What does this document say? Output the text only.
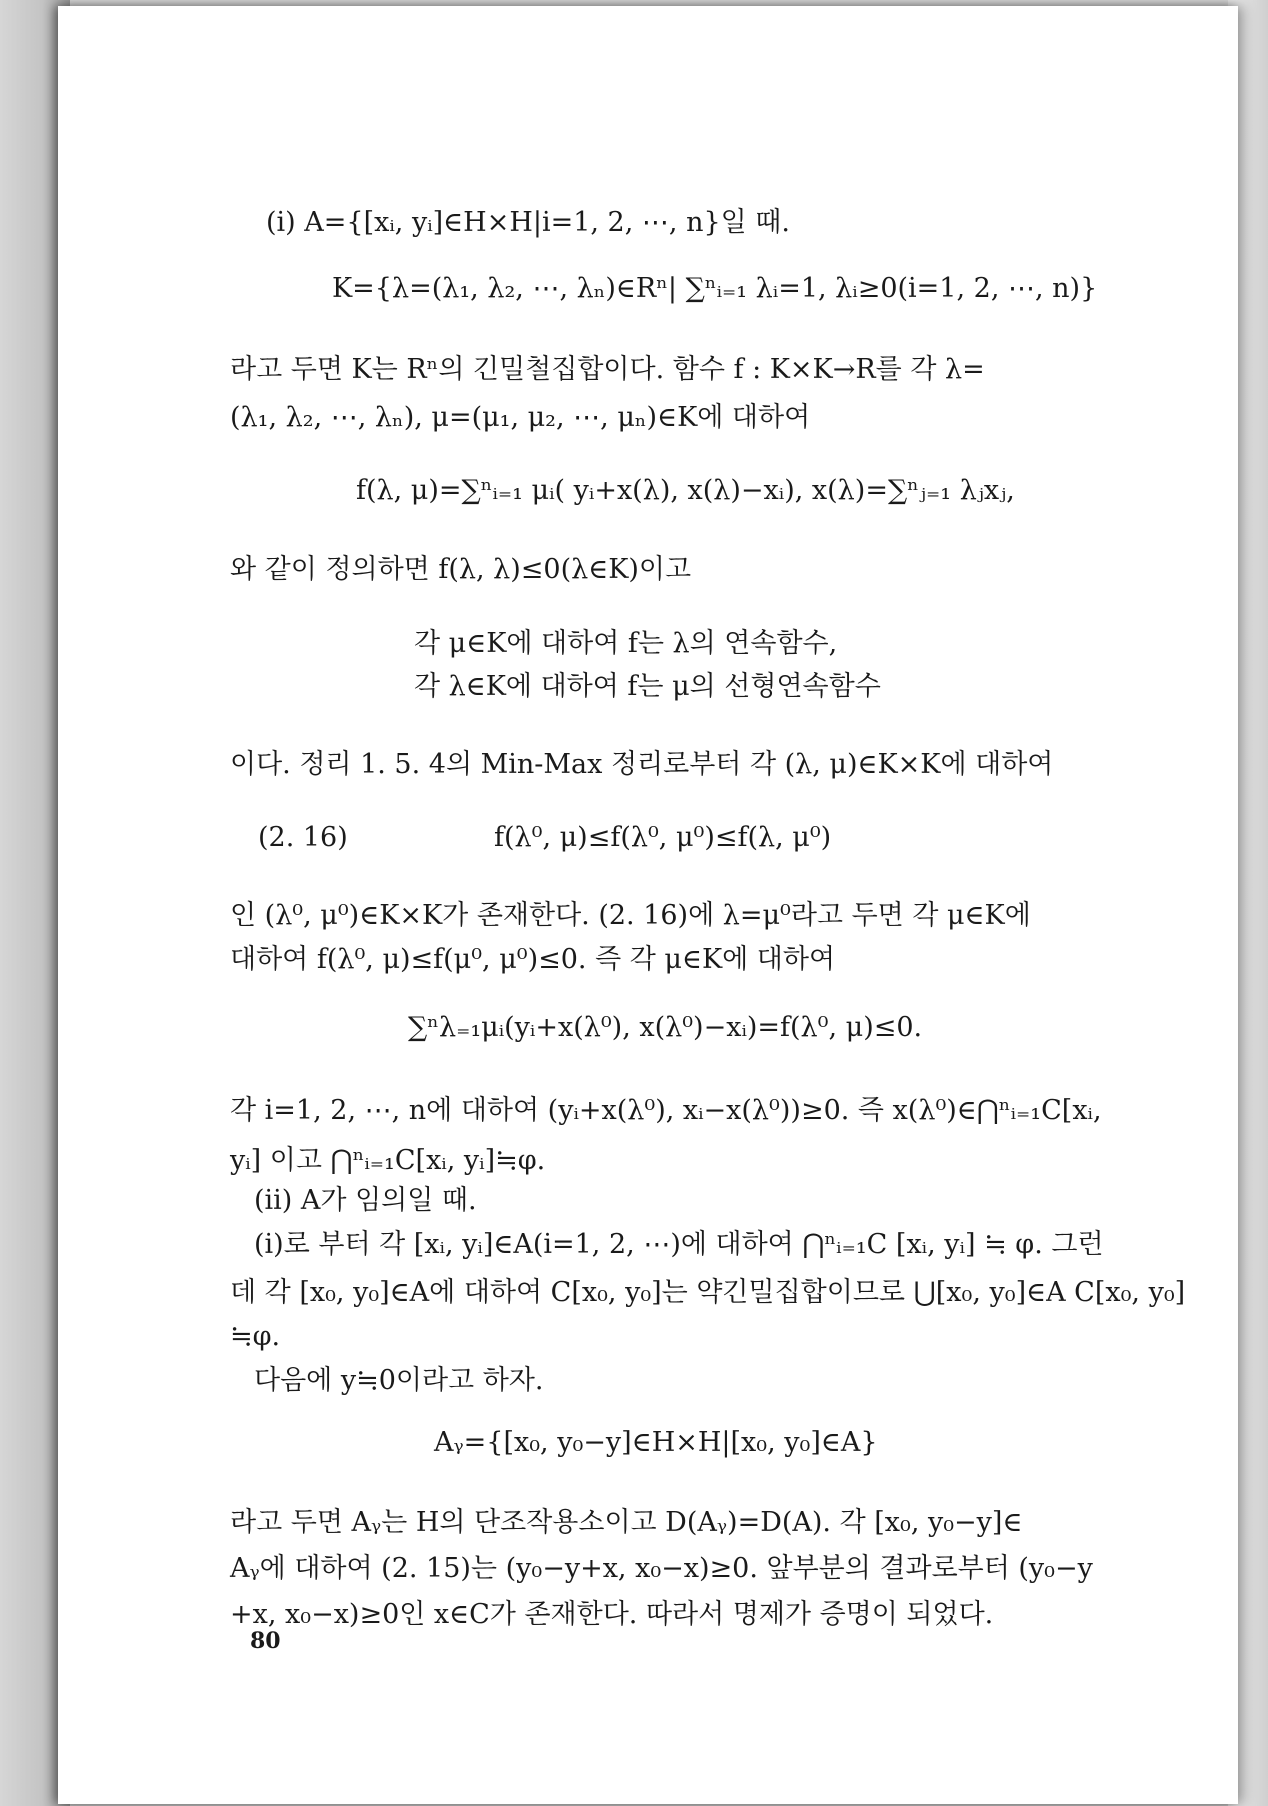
(i) A={[xᵢ, yᵢ]∈H×H|i=1, 2, ⋯, n}일 때.
K={λ=(λ₁, λ₂, ⋯, λₙ)∈Rⁿ| ∑ⁿᵢ₌₁ λᵢ=1, λᵢ≥0(i=1, 2, ⋯, n)}
라고 두면 K는 Rⁿ의 긴밀철집합이다. 함수 f : K×K→R를 각 λ=
(λ₁, λ₂, ⋯, λₙ), μ=(μ₁, μ₂, ⋯, μₙ)∈K에 대하여
f(λ, μ)=∑ⁿᵢ₌₁ μᵢ( yᵢ+x(λ), x(λ)−xᵢ), x(λ)=∑ⁿⱼ₌₁ λⱼxⱼ,
와 같이 정의하면 f(λ, λ)≤0(λ∈K)이고
각 μ∈K에 대하여 f는 λ의 연속함수,
각 λ∈K에 대하여 f는 μ의 선형연속함수
이다. 정리 1. 5. 4의 Min-Max 정리로부터 각 (λ, μ)∈K×K에 대하여
(2. 16)	f(λ⁰, μ)≤f(λ⁰, μ⁰)≤f(λ, μ⁰)
인 (λ⁰, μ⁰)∈K×K가 존재한다. (2. 16)에 λ=μ⁰라고 두면 각 μ∈K에
대하여 f(λ⁰, μ)≤f(μ⁰, μ⁰)≤0. 즉 각 μ∈K에 대하여
∑ⁿλ₌₁μᵢ(yᵢ+x(λ⁰), x(λ⁰)−xᵢ)=f(λ⁰, μ)≤0.
각 i=1, 2, ⋯, n에 대하여 (yᵢ+x(λ⁰), xᵢ−x(λ⁰))≥0. 즉 x(λ⁰)∈⋂ⁿᵢ₌₁C[xᵢ,
yᵢ] 이고 ⋂ⁿᵢ₌₁C[xᵢ, yᵢ]≒φ.
(ii) A가 임의일 때.
(i)로 부터 각 [xᵢ, yᵢ]∈A(i=1, 2, ⋯)에 대하여 ⋂ⁿᵢ₌₁C [xᵢ, yᵢ] ≒ φ. 그런
데 각 [x₀, y₀]∈A에 대하여 C[x₀, y₀]는 약긴밀집합이므로 ⋃[x₀, y₀]∈A C[x₀, y₀]
≒φ.
다음에 y≒0이라고 하자.
Aᵧ={[x₀, y₀−y]∈H×H|[x₀, y₀]∈A}
라고 두면 Aᵧ는 H의 단조작용소이고 D(Aᵧ)=D(A). 각 [x₀, y₀−y]∈
Aᵧ에 대하여 (2. 15)는 (y₀−y+x, x₀−x)≥0. 앞부분의 결과로부터 (y₀−y
+x, x₀−x)≥0인 x∈C가 존재한다. 따라서 명제가 증명이 되었다.
80
